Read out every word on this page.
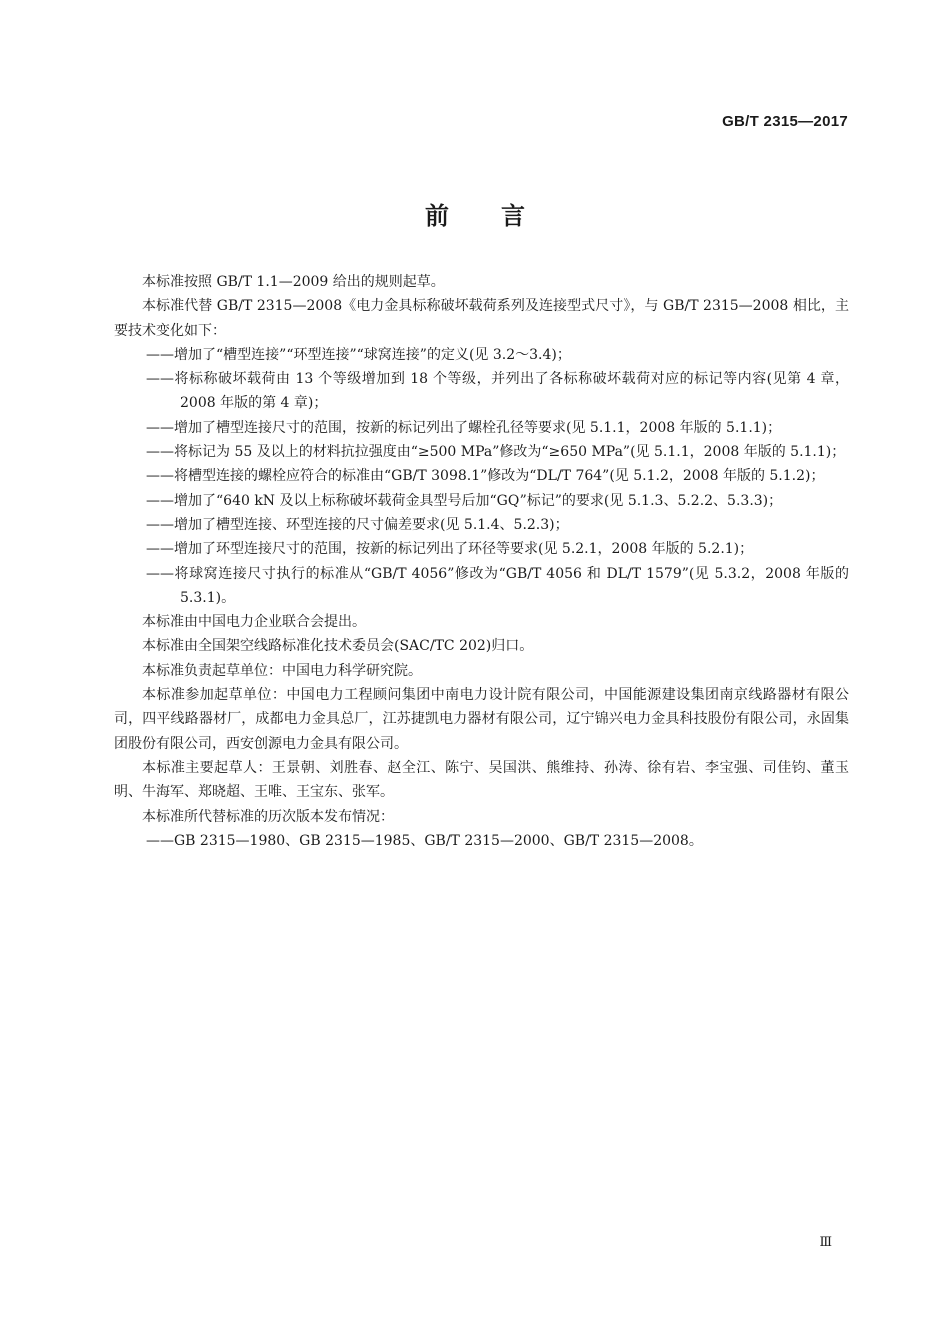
GB/T 2315—2017
前 言

本标准按照 GB/T 1.1—2009 给出的规则起草。

本标准代替 GB/T 2315—2008《电力金具标称破坏载荷系列及连接型式尺寸》，与 GB/T 2315—2008 相比，主要技术变化如下：

——增加了“槽型连接”“环型连接”“球窝连接”的定义(见 3.2～3.4)；

——将标称破坏载荷由 13 个等级增加到 18 个等级，并列出了各标称破坏载荷对应的标记等内容(见第 4 章，2008 年版的第 4 章)；

——增加了槽型连接尺寸的范围，按新的标记列出了螺栓孔径等要求(见 5.1.1，2008 年版的 5.1.1)；

——将标记为 55 及以上的材料抗拉强度由“≥500 MPa”修改为“≥650 MPa”(见 5.1.1，2008 年版的 5.1.1)；

——将槽型连接的螺栓应符合的标准由“GB/T 3098.1”修改为“DL/T 764”(见 5.1.2，2008 年版的 5.1.2)；

——增加了“640 kN 及以上标称破坏载荷金具型号后加“GQ”标记”的要求(见 5.1.3、5.2.2、5.3.3)；

——增加了槽型连接、环型连接的尺寸偏差要求(见 5.1.4、5.2.3)；

——增加了环型连接尺寸的范围，按新的标记列出了环径等要求(见 5.2.1，2008 年版的 5.2.1)；

——将球窝连接尺寸执行的标准从“GB/T 4056”修改为“GB/T 4056 和 DL/T 1579”(见 5.3.2，2008 年版的 5.3.1)。

本标准由中国电力企业联合会提出。

本标准由全国架空线路标准化技术委员会(SAC/TC 202)归口。

本标准负责起草单位：中国电力科学研究院。

本标准参加起草单位：中国电力工程顾问集团中南电力设计院有限公司，中国能源建设集团南京线路器材有限公司，四平线路器材厂，成都电力金具总厂，江苏捷凯电力器材有限公司，辽宁锦兴电力金具科技股份有限公司，永固集团股份有限公司，西安创源电力金具有限公司。

本标准主要起草人：王景朝、刘胜春、赵全江、陈宁、吴国洪、熊维持、孙涛、徐有岩、李宝强、司佳钧、董玉明、牛海军、郑晓超、王唯、王宝东、张军。

本标准所代替标准的历次版本发布情况：

——GB 2315—1980、GB 2315—1985、GB/T 2315—2000、GB/T 2315—2008。

Ⅲ
